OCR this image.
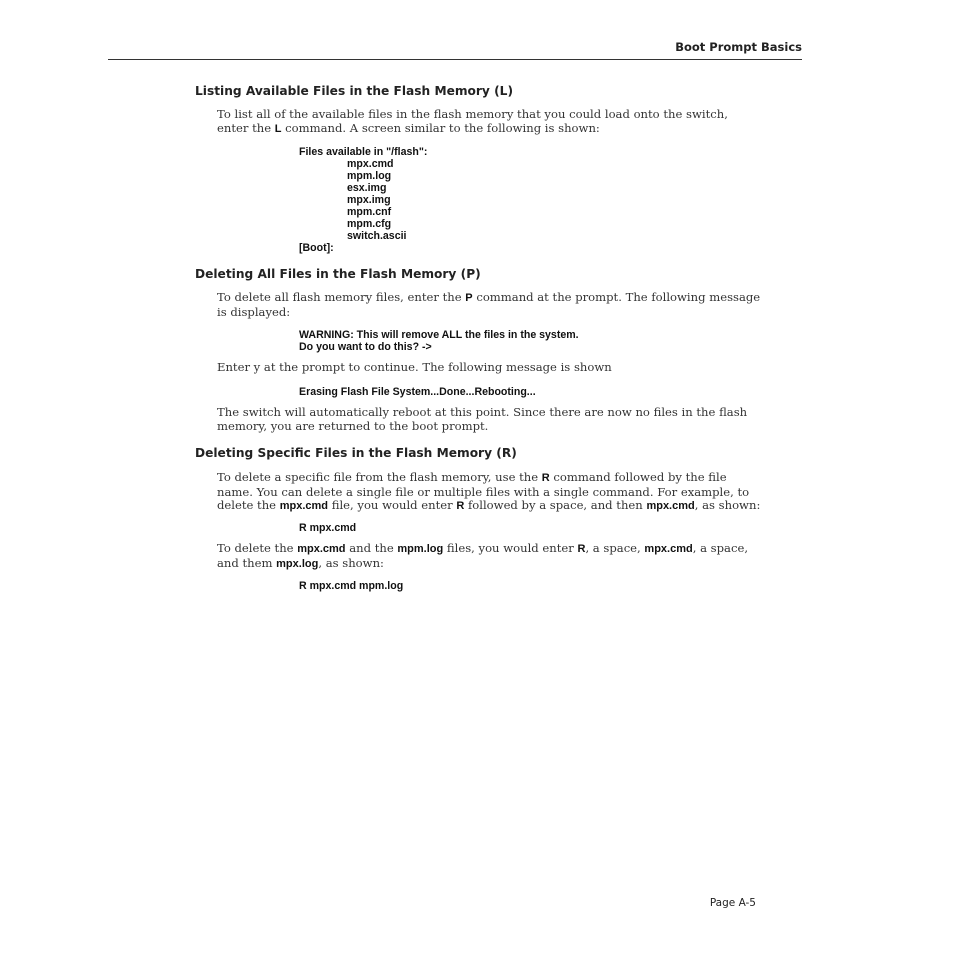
Boot Prompt Basics
Listing Available Files in the Flash Memory (L)
To list all of the available files in the flash memory that you could load onto the switch, enter the L command. A screen similar to the following is shown:
Files available in "/flash":
mpx.cmd
mpm.log
esx.img
mpx.img
mpm.cnf
mpm.cfg
switch.ascii
[Boot]:
Deleting All Files in the Flash Memory (P)
To delete all flash memory files, enter the P command at the prompt. The following message is displayed:
WARNING: This will remove ALL the files in the system.
Do you want to do this? ->
Enter y at the prompt to continue. The following message is shown
Erasing Flash File System...Done...Rebooting...
The switch will automatically reboot at this point. Since there are now no files in the flash memory, you are returned to the boot prompt.
Deleting Specific Files in the Flash Memory (R)
To delete a specific file from the flash memory, use the R command followed by the file name. You can delete a single file or multiple files with a single command. For example, to delete the mpx.cmd file, you would enter R followed by a space, and then mpx.cmd, as shown:
R mpx.cmd
To delete the mpx.cmd and the mpm.log files, you would enter R, a space, mpx.cmd, a space, and them mpx.log, as shown:
R mpx.cmd mpm.log
Page A-5
